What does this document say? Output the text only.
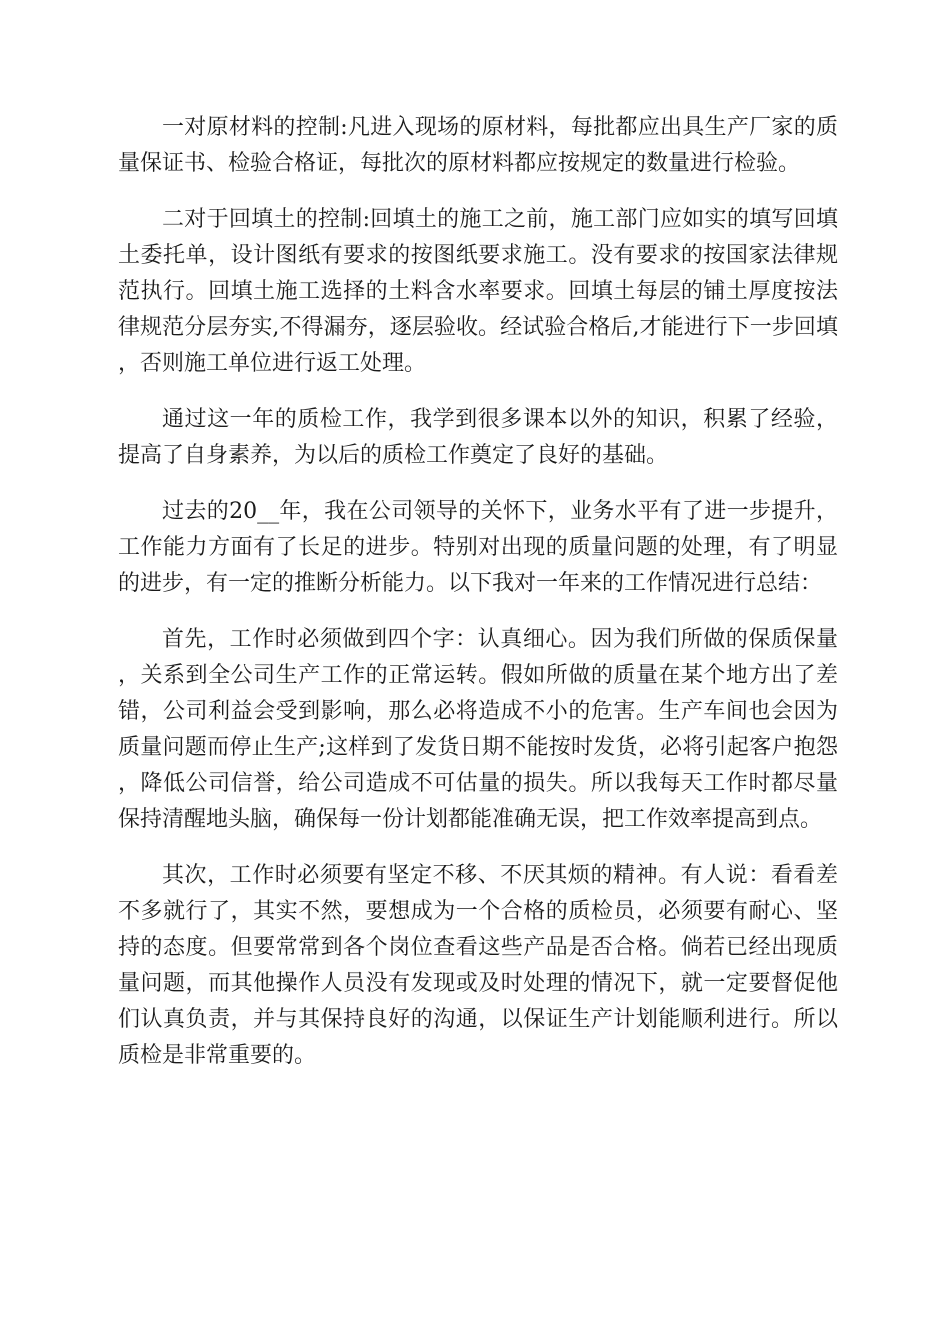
一对原材料的控制:凡进入现场的原材料，每批都应出具生产厂家的质量保证书、检验合格证，每批次的原材料都应按规定的数量进行检验。

二对于回填土的控制:回填土的施工之前，施工部门应如实的填写回填土委托单，设计图纸有要求的按图纸要求施工。没有要求的按国家法律规范执行。回填土施工选择的土料含水率要求。回填土每层的铺土厚度按法律规范分层夯实,不得漏夯，逐层验收。经试验合格后,才能进行下一步回填，否则施工单位进行返工处理。

通过这一年的质检工作，我学到很多课本以外的知识，积累了经验，提高了自身素养，为以后的质检工作奠定了良好的基础。

过去的20__年，我在公司领导的关怀下，业务水平有了进一步提升，工作能力方面有了长足的进步。特别对出现的质量问题的处理，有了明显的进步，有一定的推断分析能力。以下我对一年来的工作情况进行总结：

首先，工作时必须做到四个字：认真细心。因为我们所做的保质保量，关系到全公司生产工作的正常运转。假如所做的质量在某个地方出了差错，公司利益会受到影响，那么必将造成不小的危害。生产车间也会因为质量问题而停止生产;这样到了发货日期不能按时发货，必将引起客户抱怨，降低公司信誉，给公司造成不可估量的损失。所以我每天工作时都尽量保持清醒地头脑，确保每一份计划都能准确无误，把工作效率提高到点。

其次，工作时必须要有坚定不移、不厌其烦的精神。有人说：看看差不多就行了，其实不然，要想成为一个合格的质检员，必须要有耐心、坚持的态度。但要常常到各个岗位查看这些产品是否合格。倘若已经出现质量问题，而其他操作人员没有发现或及时处理的情况下，就一定要督促他们认真负责，并与其保持良好的沟通，以保证生产计划能顺利进行。所以质检是非常重要的。
